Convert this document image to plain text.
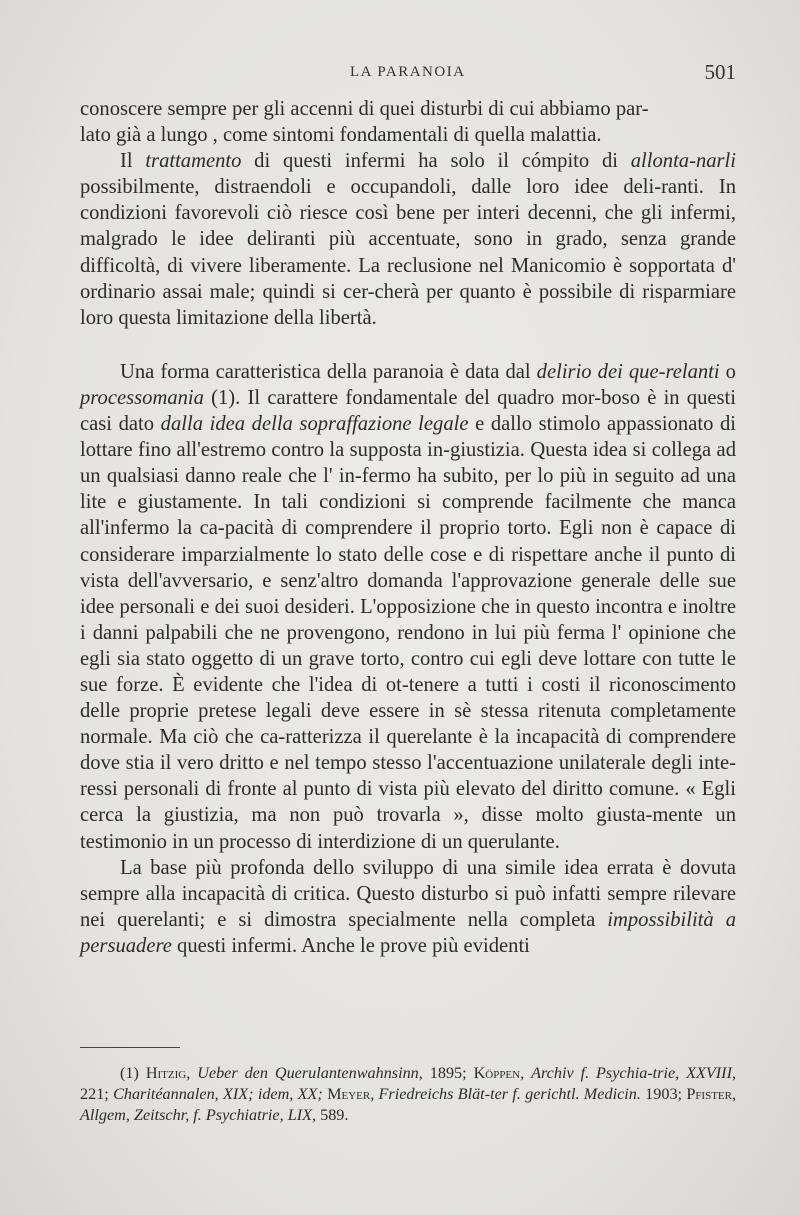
LA PARANOIA	501

conoscere sempre per gli accenni di quei disturbi di cui abbiamo par-
lato già a lungo , come sintomi fondamentali di quella malattia.

Il trattamento di questi infermi ha solo il cómpito di allonta-narli possibilmente, distraendoli e occupandoli, dalle loro idee deli-ranti. In condizioni favorevoli ciò riesce così bene per interi decenni, che gli infermi, malgrado le idee deliranti più accentuate, sono in grado, senza grande difficoltà, di vivere liberamente. La reclusione nel Manicomio è sopportata d' ordinario assai male; quindi si cer-cherà per quanto è possibile di risparmiare loro questa limitazione della libertà.

Una forma caratteristica della paranoia è data dal delirio dei que-relanti o processomania (1). Il carattere fondamentale del quadro mor-boso è in questi casi dato dalla idea della sopraffazione legale e dallo stimolo appassionato di lottare fino all'estremo contro la supposta in-giustizia. Questa idea si collega ad un qualsiasi danno reale che l' in-fermo ha subito, per lo più in seguito ad una lite e giustamente. In tali condizioni si comprende facilmente che manca all'infermo la ca-pacità di comprendere il proprio torto. Egli non è capace di considerare imparzialmente lo stato delle cose e di rispettare anche il punto di vista dell'avversario, e senz'altro domanda l'approvazione generale delle sue idee personali e dei suoi desideri. L'opposizione che in questo incontra e inoltre i danni palpabili che ne provengono, rendono in lui più ferma l' opinione che egli sia stato oggetto di un grave torto, contro cui egli deve lottare con tutte le sue forze. È evidente che l'idea di ot-tenere a tutti i costi il riconoscimento delle proprie pretese legali deve essere in sè stessa ritenuta completamente normale. Ma ciò che ca-ratterizza il querelante è la incapacità di comprendere dove stia il vero dritto e nel tempo stesso l'accentuazione unilaterale degli inte-ressi personali di fronte al punto di vista più elevato del diritto comune. « Egli cerca la giustizia, ma non può trovarla », disse molto giusta-mente un testimonio in un processo di interdizione di un querulante.

La base più profonda dello sviluppo di una simile idea errata è dovuta sempre alla incapacità di critica. Questo disturbo si può infatti sempre rilevare nei querelanti; e si dimostra specialmente nella completa impossibilità a persuadere questi infermi. Anche le prove più evidenti

(1) Hitzig, Ueber den Querulantenwahnsinn, 1895; Köppen, Archiv f. Psychia-trie, XXVIII, 221; Charitéannalen, XIX; idem, XX; Meyer, Friedreichs Blät-ter f. gerichtl. Medicin. 1903; Pfister, Allgem, Zeitschr, f. Psychiatrie, LIX, 589.
